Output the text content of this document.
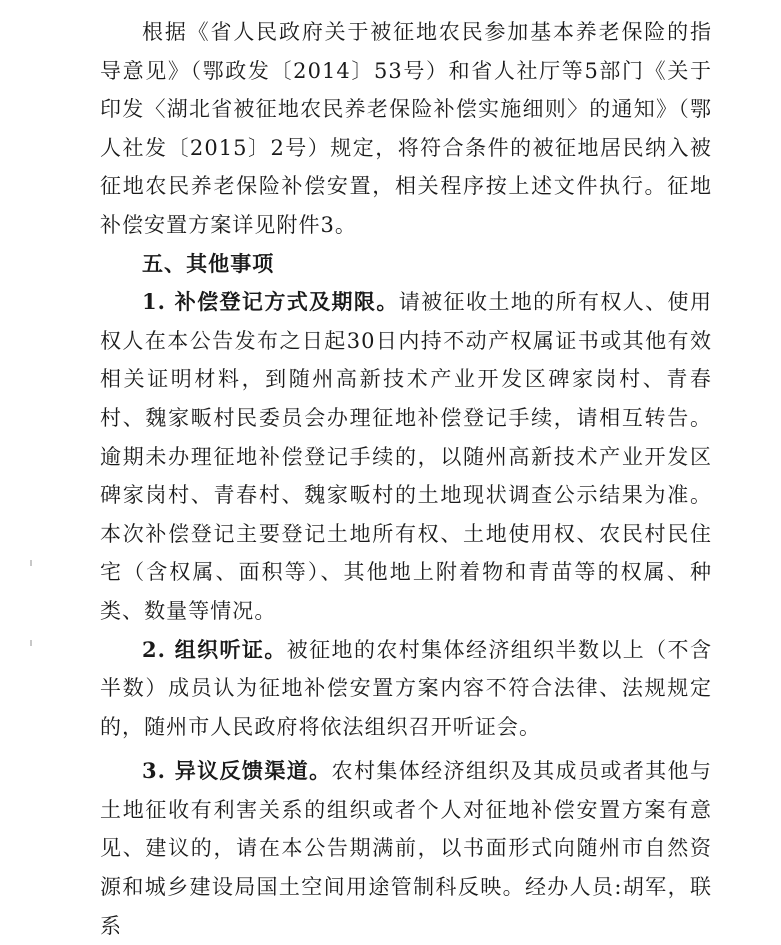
根据《省人民政府关于被征地农民参加基本养老保险的指导意见》（鄂政发〔2014〕53号）和省人社厅等5部门《关于印发〈湖北省被征地农民养老保险补偿实施细则〉的通知》（鄂人社发〔2015〕2号）规定，将符合条件的被征地居民纳入被征地农民养老保险补偿安置，相关程序按上述文件执行。征地补偿安置方案详见附件3。

五、其他事项

1. 补偿登记方式及期限。请被征收土地的所有权人、使用权人在本公告发布之日起30日内持不动产权属证书或其他有效相关证明材料，到随州高新技术产业开发区碑家岗村、青春村、魏家畈村民委员会办理征地补偿登记手续，请相互转告。逾期未办理征地补偿登记手续的，以随州高新技术产业开发区碑家岗村、青春村、魏家畈村的土地现状调查公示结果为准。本次补偿登记主要登记土地所有权、土地使用权、农民村民住宅（含权属、面积等）、其他地上附着物和青苗等的权属、种类、数量等情况。

2. 组织听证。被征地的农村集体经济组织半数以上（不含半数）成员认为征地补偿安置方案内容不符合法律、法规规定的，随州市人民政府将依法组织召开听证会。

3. 异议反馈渠道。农村集体经济组织及其成员或者其他与土地征收有利害关系的组织或者个人对征地补偿安置方案有意见、建议的，请在本公告期满前，以书面形式向随州市自然资源和城乡建设局国土空间用途管制科反映。经办人员:胡军，联系
